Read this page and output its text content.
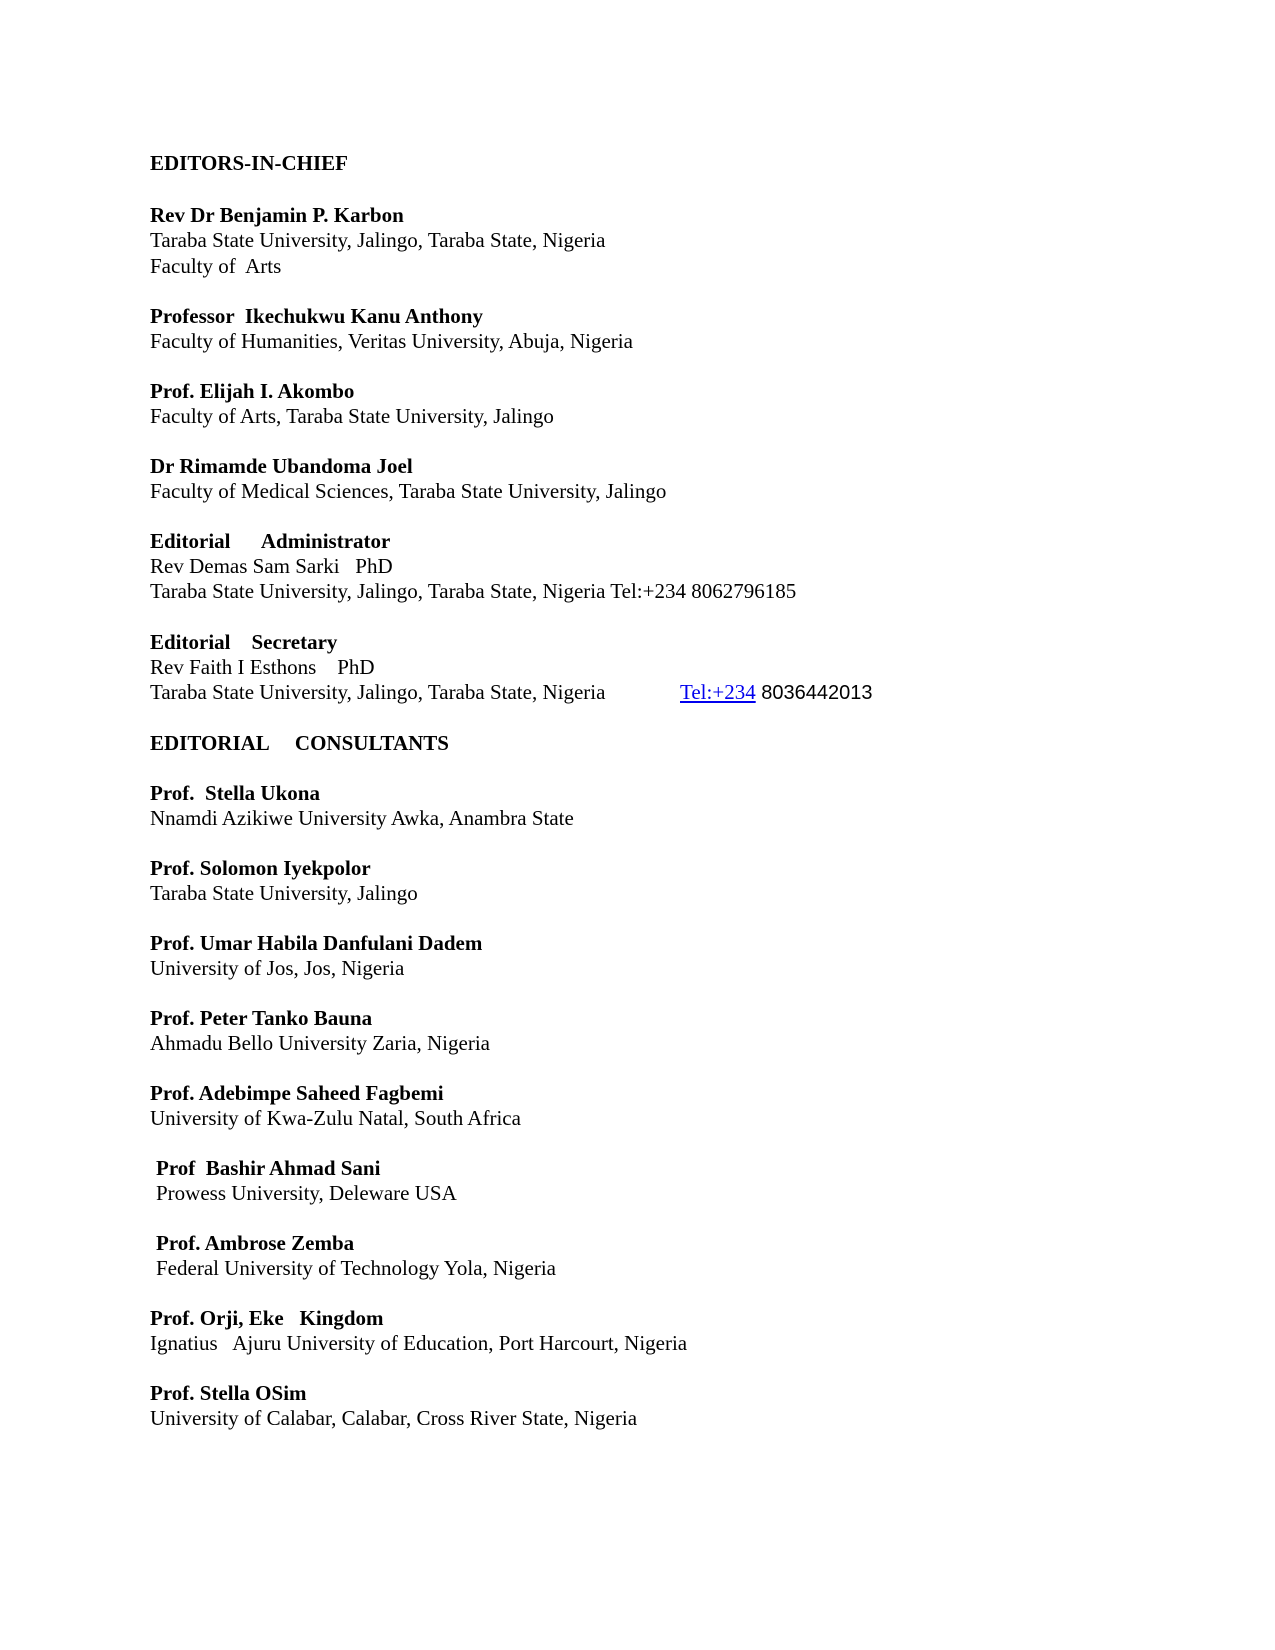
EDITORS-IN-CHIEF
Rev Dr Benjamin P. Karbon
Taraba State University, Jalingo, Taraba State, Nigeria
Faculty of  Arts
Professor  Ikechukwu Kanu Anthony
Faculty of Humanities, Veritas University, Abuja, Nigeria
Prof. Elijah I. Akombo
Faculty of Arts, Taraba State University, Jalingo
Dr Rimamde Ubandoma Joel
Faculty of Medical Sciences, Taraba State University, Jalingo
Editorial      Administrator
Rev Demas Sam Sarki   PhD
Taraba State University, Jalingo, Taraba State, Nigeria Tel:+234 8062796185
Editorial    Secretary
Rev Faith I Esthons    PhD
Taraba State University, Jalingo, Taraba State, Nigeria	Tel:+234 8036442013
EDITORIAL     CONSULTANTS
Prof.  Stella Ukona
Nnamdi Azikiwe University Awka, Anambra State
Prof. Solomon Iyekpolor
Taraba State University, Jalingo
Prof. Umar Habila Danfulani Dadem
University of Jos, Jos, Nigeria
Prof. Peter Tanko Bauna
Ahmadu Bello University Zaria, Nigeria
Prof. Adebimpe Saheed Fagbemi
University of Kwa-Zulu Natal, South Africa
Prof  Bashir Ahmad Sani
Prowess University, Deleware USA
Prof. Ambrose Zemba
Federal University of Technology Yola, Nigeria
Prof. Orji, Eke   Kingdom
Ignatius   Ajuru University of Education, Port Harcourt, Nigeria
Prof. Stella OSim
University of Calabar, Calabar, Cross River State, Nigeria
